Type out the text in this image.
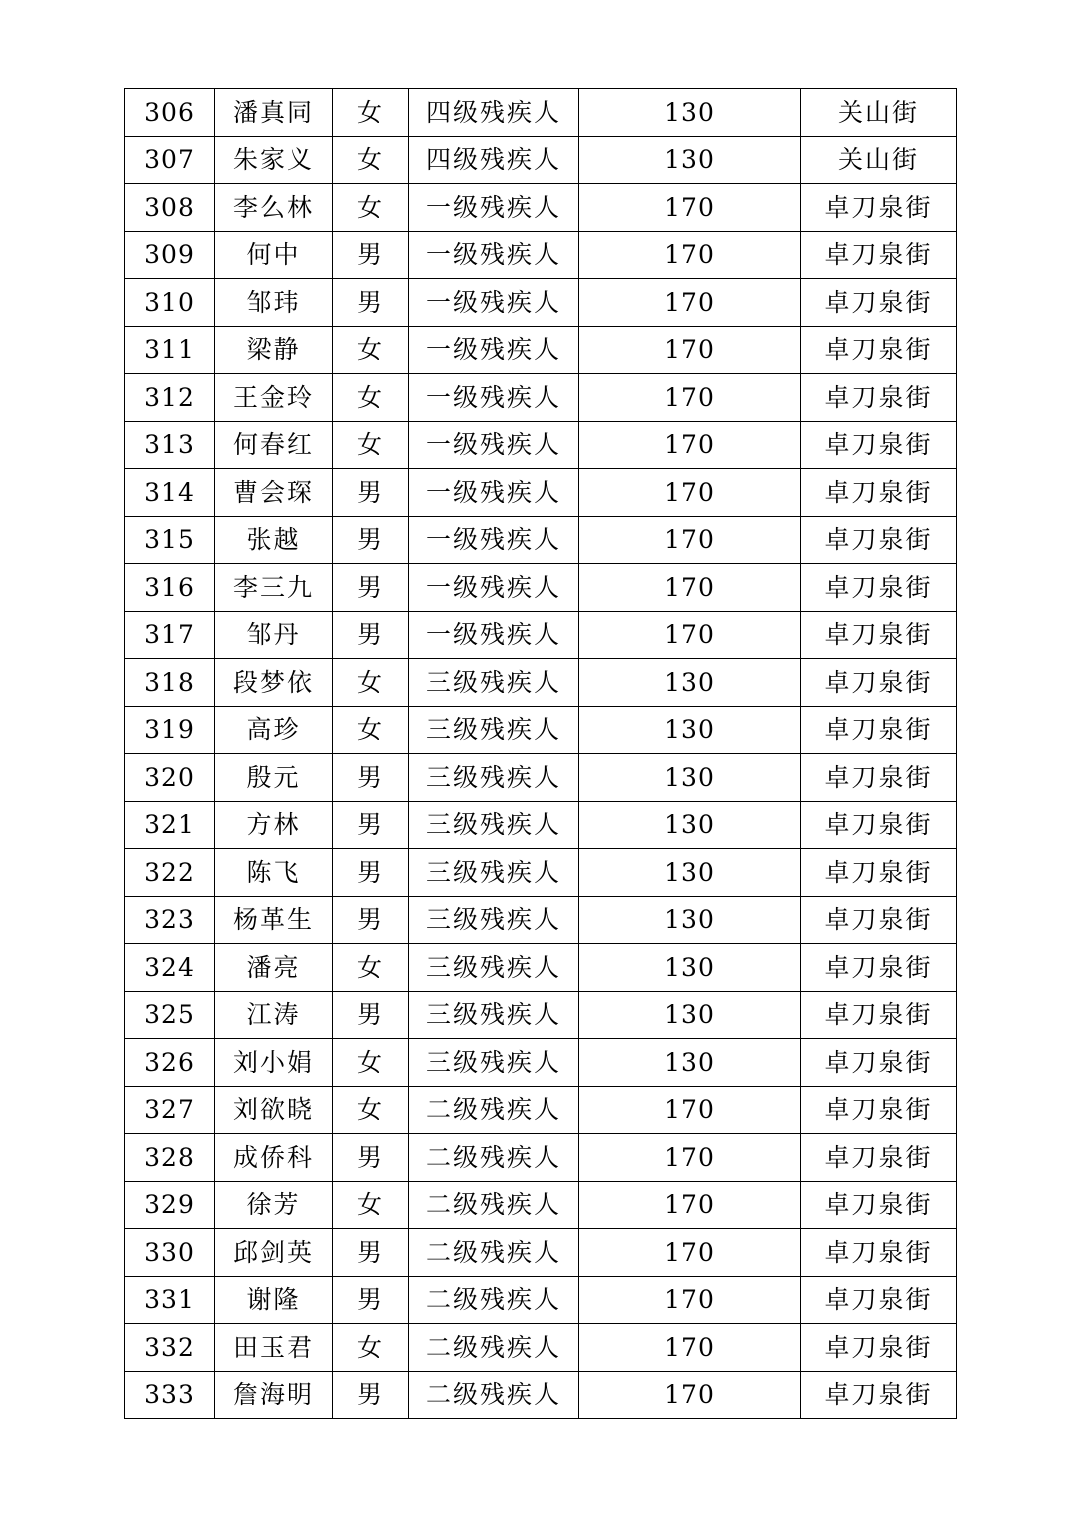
306	潘真同	女	四级残疾人	130	关山街
307	朱家义	女	四级残疾人	130	关山街
308	李么林	女	一级残疾人	170	卓刀泉街
309	何中	男	一级残疾人	170	卓刀泉街
310	邹玮	男	一级残疾人	170	卓刀泉街
311	梁静	女	一级残疾人	170	卓刀泉街
312	王金玲	女	一级残疾人	170	卓刀泉街
313	何春红	女	一级残疾人	170	卓刀泉街
314	曹会琛	男	一级残疾人	170	卓刀泉街
315	张越	男	一级残疾人	170	卓刀泉街
316	李三九	男	一级残疾人	170	卓刀泉街
317	邹丹	男	一级残疾人	170	卓刀泉街
318	段梦依	女	三级残疾人	130	卓刀泉街
319	高珍	女	三级残疾人	130	卓刀泉街
320	殷元	男	三级残疾人	130	卓刀泉街
321	方林	男	三级残疾人	130	卓刀泉街
322	陈飞	男	三级残疾人	130	卓刀泉街
323	杨革生	男	三级残疾人	130	卓刀泉街
324	潘亮	女	三级残疾人	130	卓刀泉街
325	江涛	男	三级残疾人	130	卓刀泉街
326	刘小娟	女	三级残疾人	130	卓刀泉街
327	刘欲晓	女	二级残疾人	170	卓刀泉街
328	成侨科	男	二级残疾人	170	卓刀泉街
329	徐芳	女	二级残疾人	170	卓刀泉街
330	邱剑英	男	二级残疾人	170	卓刀泉街
331	谢隆	男	二级残疾人	170	卓刀泉街
332	田玉君	女	二级残疾人	170	卓刀泉街
333	詹海明	男	二级残疾人	170	卓刀泉街
